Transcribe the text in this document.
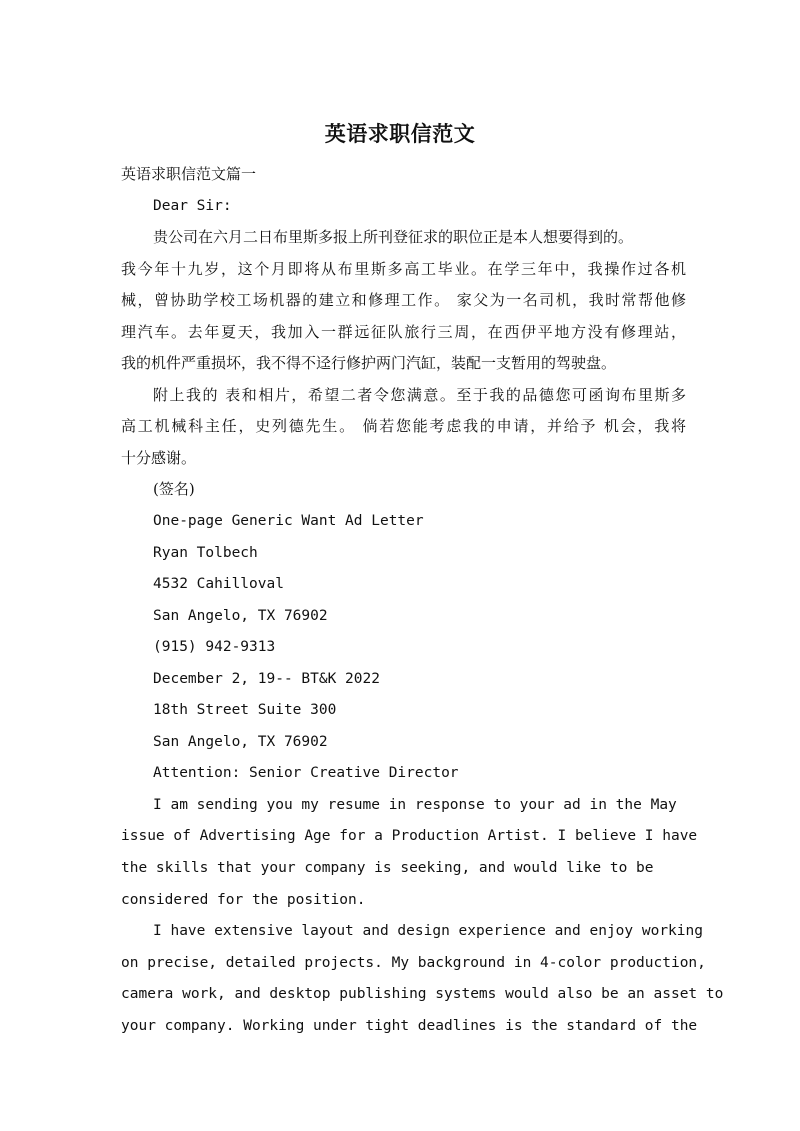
英语求职信范文
英语求职信范文篇一
Dear Sir:
贵公司在六月二日布里斯多报上所刊登征求的职位正是本人想要得到的。
我今年十九岁，这个月即将从布里斯多高工毕业。在学三年中，我操作过各机
械，曾协助学校工场机器的建立和修理工作。 家父为一名司机，我时常帮他修
理汽车。去年夏天，我加入一群远征队旅行三周，在西伊平地方没有修理站，
我的机件严重损坏，我不得不迳行修护两门汽缸，装配一支暂用的驾驶盘。
附上我的 表和相片，希望二者令您满意。至于我的品德您可函询布里斯多
高工机械科主任，史列德先生。 倘若您能考虑我的申请，并给予 机会，我将
十分感谢。
(签名)
One-page Generic Want Ad Letter
Ryan Tolbech
4532 Cahilloval
San Angelo, TX 76902
(915) 942-9313
December 2, 19-- BT&K 2022
18th Street Suite 300
San Angelo, TX 76902
Attention: Senior Creative Director
I am sending you my resume in response to your ad in the May
issue of Advertising Age for a Production Artist. I believe I have
the skills that your company is seeking, and would like to be
considered for the position.
I have extensive layout and design experience and enjoy working
on precise, detailed projects. My background in 4-color production,
camera work, and desktop publishing systems would also be an asset to
your company. Working under tight deadlines is the standard of the
